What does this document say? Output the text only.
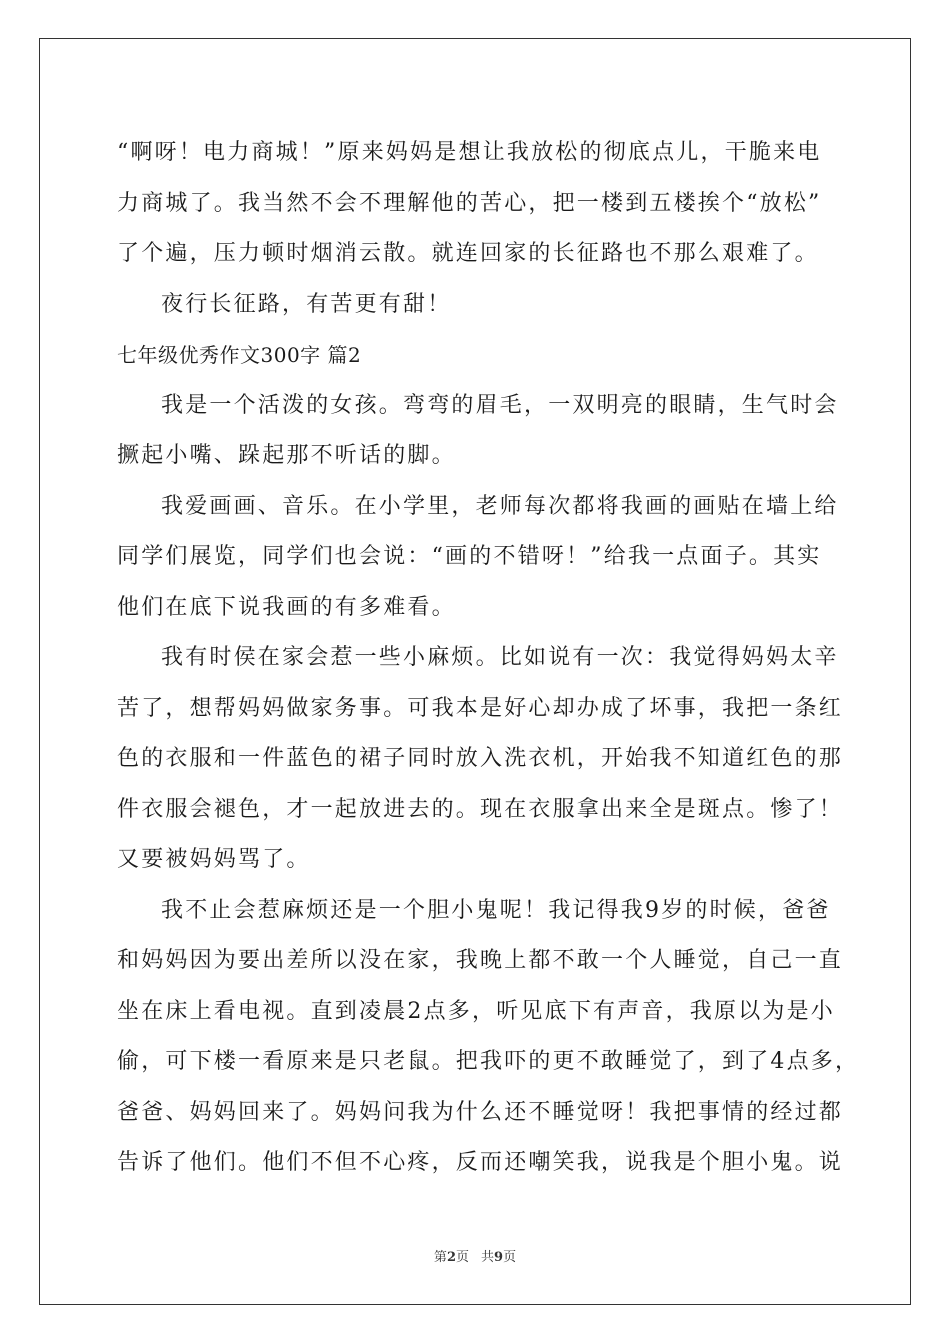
“啊呀！电力商城！”原来妈妈是想让我放松的彻底点儿，干脆来电
力商城了。我当然不会不理解他的苦心，把一楼到五楼挨个“放松”
了个遍，压力顿时烟消云散。就连回家的长征路也不那么艰难了。

夜行长征路，有苦更有甜！

七年级优秀作文300字 篇2

我是一个活泼的女孩。弯弯的眉毛，一双明亮的眼睛，生气时会
撅起小嘴、跺起那不听话的脚。

我爱画画、音乐。在小学里，老师每次都将我画的画贴在墙上给
同学们展览，同学们也会说：“画的不错呀！”给我一点面子。其实
他们在底下说我画的有多难看。

我有时侯在家会惹一些小麻烦。比如说有一次：我觉得妈妈太辛
苦了，想帮妈妈做家务事。可我本是好心却办成了坏事，我把一条红
色的衣服和一件蓝色的裙子同时放入洗衣机，开始我不知道红色的那
件衣服会褪色，才一起放进去的。现在衣服拿出来全是斑点。惨了！
又要被妈妈骂了。

我不止会惹麻烦还是一个胆小鬼呢！我记得我9岁的时候，爸爸
和妈妈因为要出差所以没在家，我晚上都不敢一个人睡觉，自己一直
坐在床上看电视。直到凌晨2点多，听见底下有声音，我原以为是小
偷，可下楼一看原来是只老鼠。把我吓的更不敢睡觉了，到了4点多，
爸爸、妈妈回来了。妈妈问我为什么还不睡觉呀！我把事情的经过都
告诉了他们。他们不但不心疼，反而还嘲笑我，说我是个胆小鬼。说

第2页 共9页
